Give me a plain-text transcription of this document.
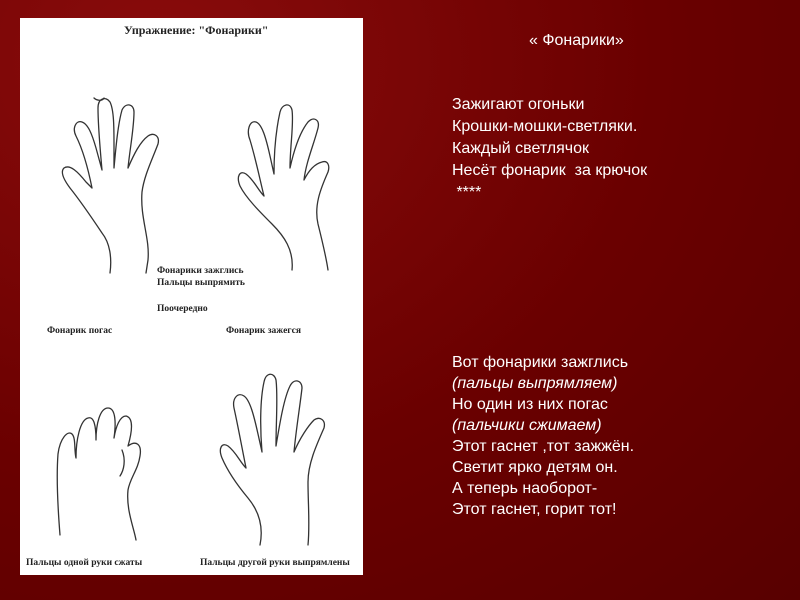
Упражнение: "Фонарики"
Фонарики зажглись
Пальцы выпрямить
Поочередно
Фонарик погас	Фонарик зажегся
Пальцы одной руки сжаты	Пальцы другой руки выпрямлены
« Фонарики»
Зажигают огоньки
Крошки-мошки-светляки.
Каждый светлячок
Несёт фонарик  за крючок
****
Вот фонарики зажглись
(пальцы выпрямляем)
Но один из них погас
(пальчики сжимаем)
Этот гаснет ,тот зажжён.
Светит ярко детям он.
А теперь наоборот-
Этот гаснет, горит тот!
